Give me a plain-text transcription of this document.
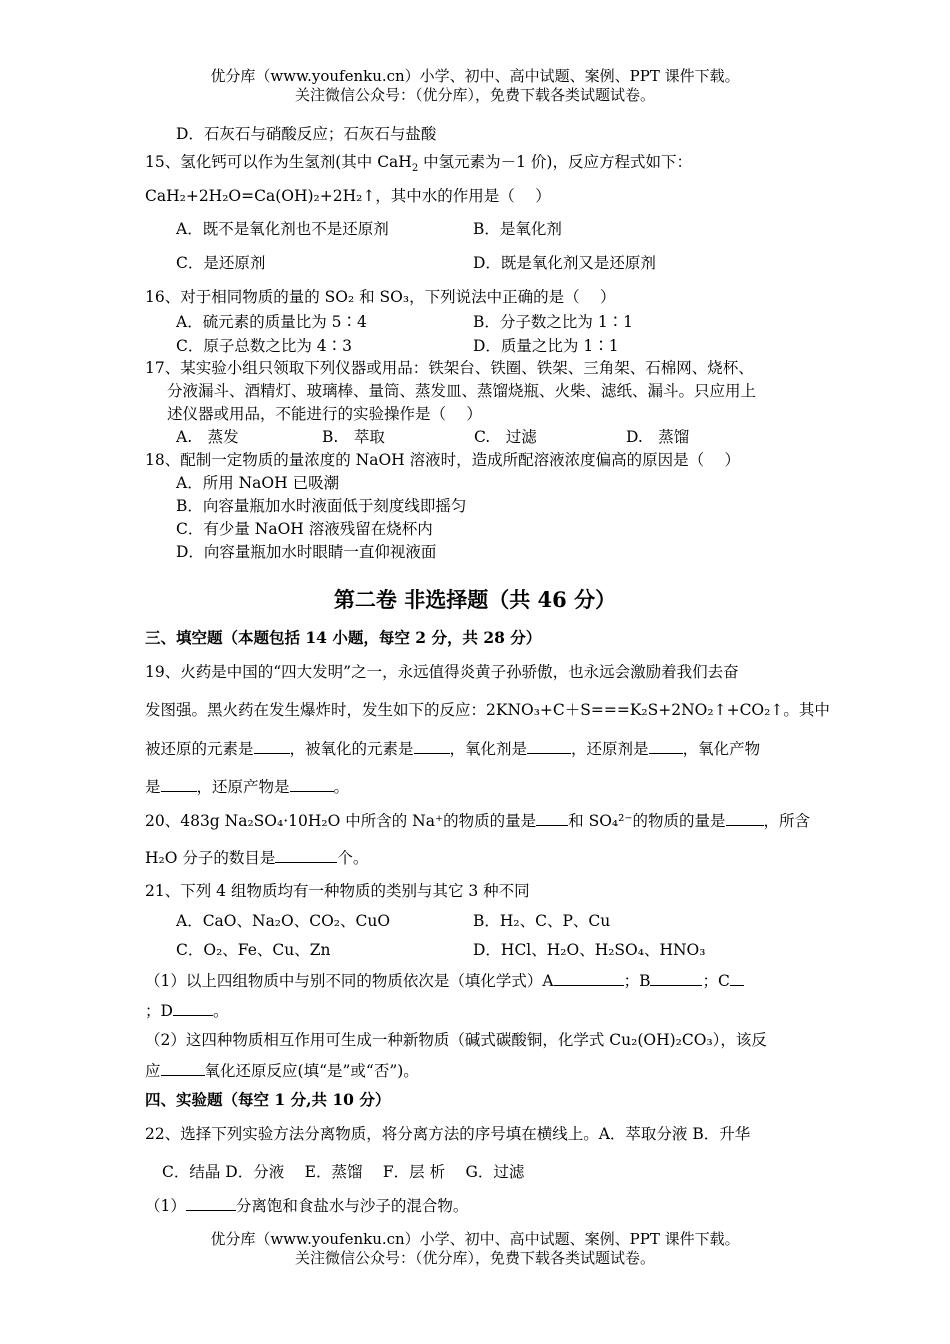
优分库（www.youfenku.cn）小学、初中、高中试题、案例、PPT 课件下载。
关注微信公众号：（优分库），免费下载各类试题试卷。
D．石灰石与硝酸反应；石灰石与盐酸
15、氢化钙可以作为生氢剂(其中 CaH$_2$ 中氢元素为－1 价)，反应方程式如下：
CaH₂+2H₂O=Ca(OH)₂+2H₂↑，其中水的作用是（　 ）
A．既不是氧化剂也不是还原剂	B．是氧化剂
C．是还原剂	D．既是氧化剂又是还原剂
16、对于相同物质的量的 SO₂ 和 SO₃，下列说法中正确的是（　 ）
A．硫元素的质量比为 5∶4	B．分子数之比为 1∶1
C．原子总数之比为 4∶3	D．质量之比为 1∶1
17、某实验小组只领取下列仪器或用品：铁架台、铁圈、铁架、三角架、石棉网、烧杯、
分液漏斗、酒精灯、玻璃棒、量筒、蒸发皿、蒸馏烧瓶、火柴、滤纸、漏斗。只应用上
述仪器或用品，不能进行的实验操作是（　 ）
A.　蒸发	B.　萃取	C.　过滤	D.　蒸馏
18、配制一定物质的量浓度的 NaOH 溶液时，造成所配溶液浓度偏高的原因是（　 ）
A．所用 NaOH 已吸潮
B．向容量瓶加水时液面低于刻度线即摇匀
C．有少量 NaOH 溶液残留在烧杯内
D．向容量瓶加水时眼睛一直仰视液面
第二卷 非选择题（共 46 分）
三、填空题（本题包括 14 小题，每空 2 分，共 28 分）
19、火药是中国的“四大发明”之一，永远值得炎黄子孙骄傲，也永远会激励着我们去奋
发图强。黑火药在发生爆炸时，发生如下的反应：2KNO₃+C＋S===K₂S+2NO₂↑+CO₂↑。其中
被还原的元素是 ，被氧化的元素是 ，氧化剂是	，还原剂是 ，氧化产物
是 ，还原产物是	。
20、483g Na₂SO₄·10H₂O 中所含的 Na⁺的物质的量是 和 SO₄²⁻的物质的量是 ，所含
H₂O 分子的数目是	个。
21、下列 4 组物质均有一种物质的类别与其它 3 种不同
A．CaO、Na₂O、CO₂、CuO	B．H₂、C、P、Cu
C．O₂、Fe、Cu、Zn	D．HCl、H₂O、H₂SO₄、HNO₃
（1）以上四组物质中与别不同的物质依次是（填化学式）A	；B	；C
；D	。
（2）这四种物质相互作用可生成一种新物质（碱式碳酸铜，化学式 Cu₂(OH)₂CO₃），该反
应	氧化还原反应(填“是”或“否”)。
四、实验题（每空 1 分,共 10 分）
22、选择下列实验方法分离物质，将分离方法的序号填在横线上。A．萃取分液 B．升华
C．结晶 D．分液　 E．蒸馏　 F．层 析　 G．过滤
（1）	分离饱和食盐水与沙子的混合物。
优分库（www.youfenku.cn）小学、初中、高中试题、案例、PPT 课件下载。
关注微信公众号：（优分库），免费下载各类试题试卷。
